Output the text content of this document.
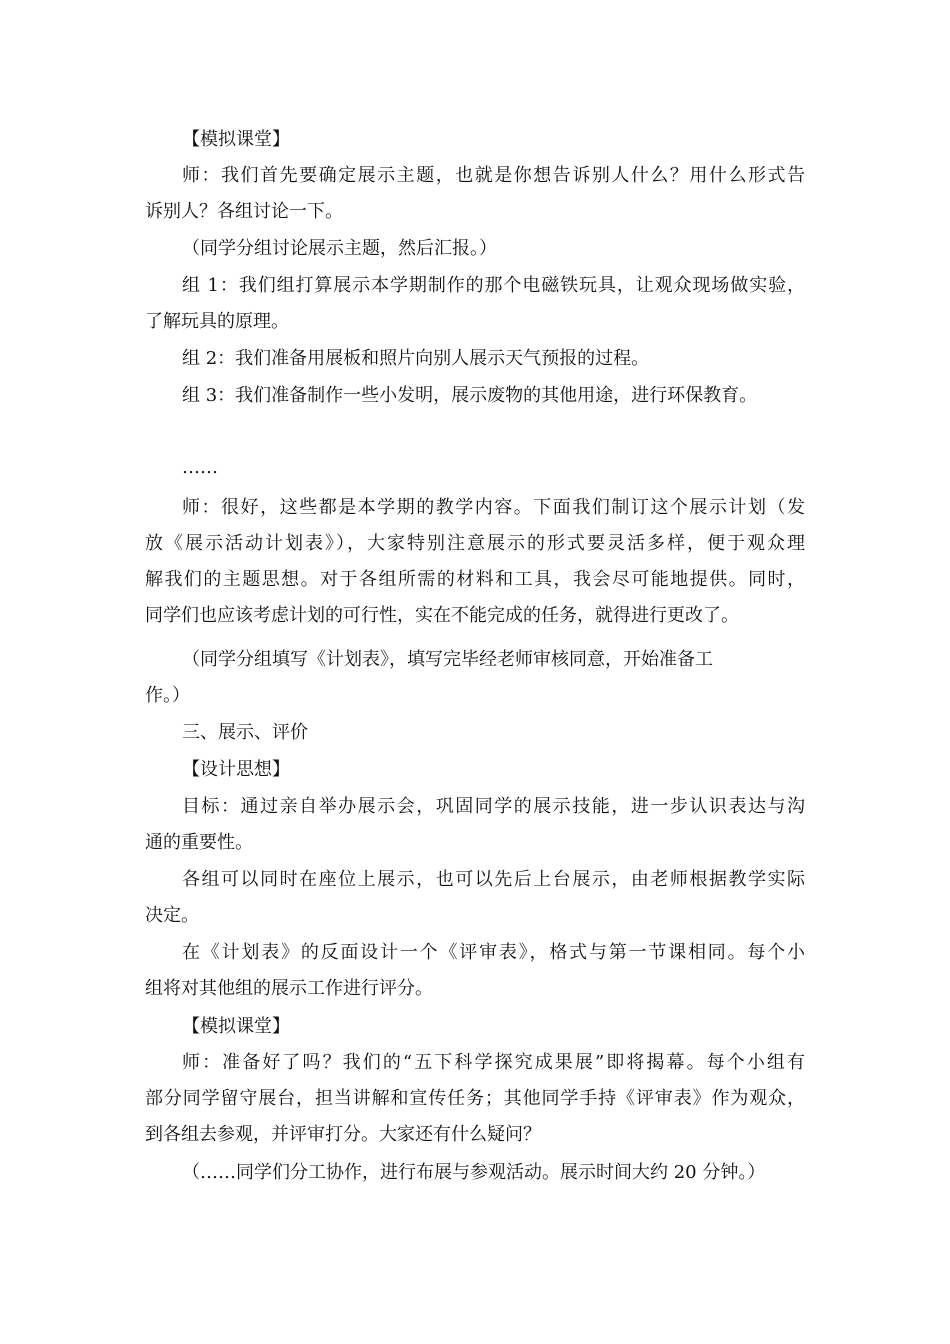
【模拟课堂】
师：我们首先要确定展示主题，也就是你想告诉别人什么？用什么形式告
诉别人？各组讨论一下。
（同学分组讨论展示主题，然后汇报。）
组 1：我们组打算展示本学期制作的那个电磁铁玩具，让观众现场做实验，
了解玩具的原理。
组 2：我们准备用展板和照片向别人展示天气预报的过程。
组 3：我们准备制作一些小发明，展示废物的其他用途，进行环保教育。
……
师：很好，这些都是本学期的教学内容。下面我们制订这个展示计划（发
放《展示活动计划表》），大家特别注意展示的形式要灵活多样，便于观众理
解我们的主题思想。对于各组所需的材料和工具，我会尽可能地提供。同时，
同学们也应该考虑计划的可行性，实在不能完成的任务，就得进行更改了。
（同学分组填写《计划表》，填写完毕经老师审核同意，开始准备工
作。）
三、展示、评价
【设计思想】
目标：通过亲自举办展示会，巩固同学的展示技能，进一步认识表达与沟
通的重要性。
各组可以同时在座位上展示，也可以先后上台展示，由老师根据教学实际
决定。
在《计划表》的反面设计一个《评审表》，格式与第一节课相同。每个小
组将对其他组的展示工作进行评分。
【模拟课堂】
师：准备好了吗？我们的“五下科学探究成果展”即将揭幕。每个小组有
部分同学留守展台，担当讲解和宣传任务；其他同学手持《评审表》作为观众，
到各组去参观，并评审打分。大家还有什么疑问？
（……同学们分工协作，进行布展与参观活动。展示时间大约 20 分钟。）
